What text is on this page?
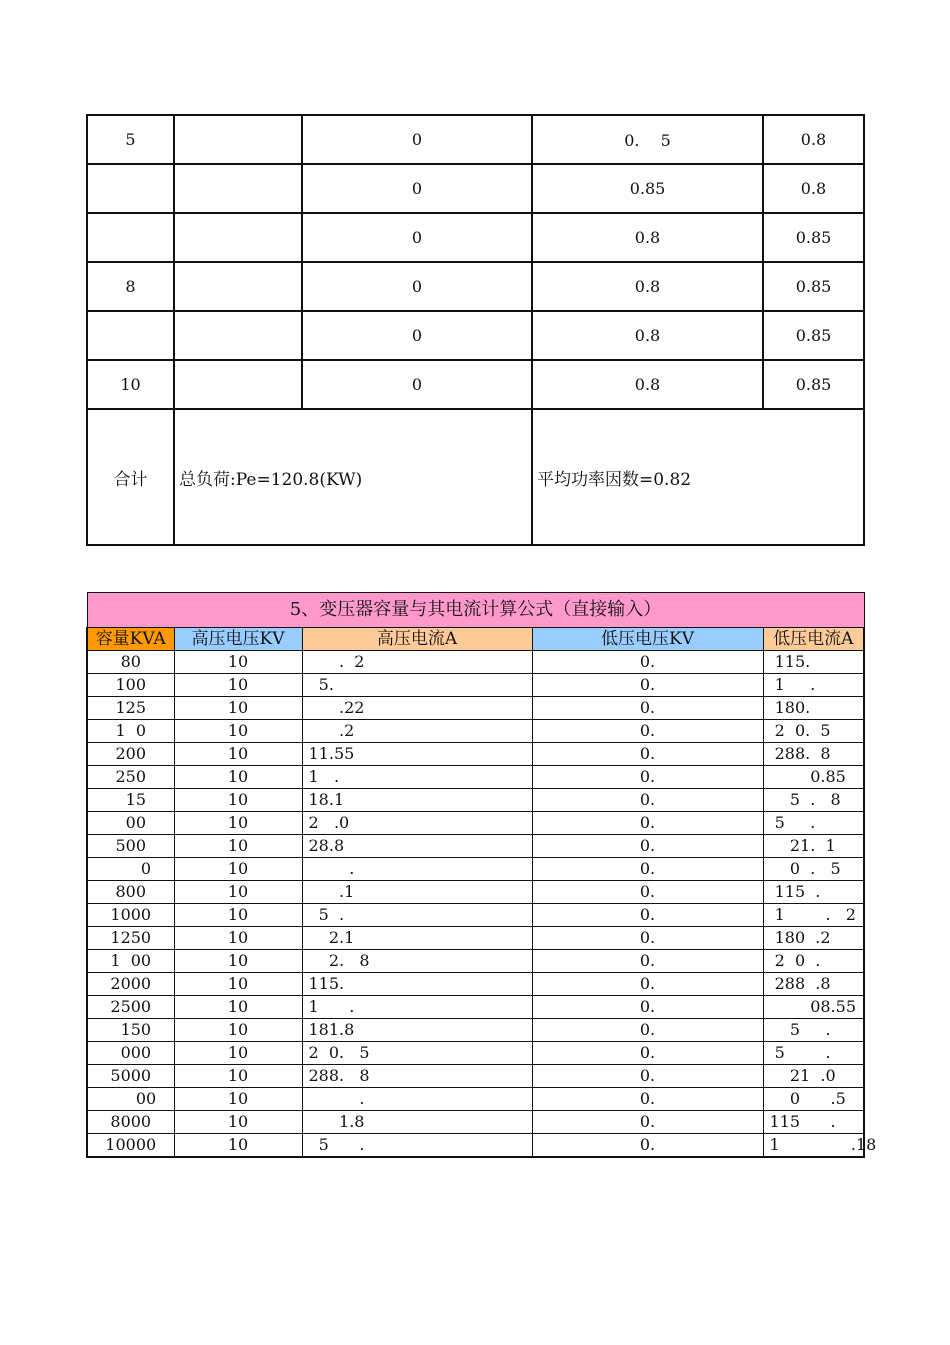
5		0	0.　 5	0.8
		0	0.85	0.8
		0	0.8	0.85
8		0	0.8	0.85
		0	0.8	0.85
10		0	0.8	0.85
合计	总负荷:Pe=120.8(KW)		平均功率因数=0.82	
5、变压器容量与其电流计算公式（直接输入）				
容量KVA	高压电压KV	高压电流A	低压电压KV	低压电流A
80	10	.  2	0.	115.
100	10	5.	0.	1     .
125	10	.22	0.	180.
1  0	10	.2	0.	2  0.  5
200	10	11.55	0.	288.  8
250	10	1   .	0.	0.85
15	10	18.1	0.	5  .   8
00	10	2   .0	0.	5     .
500	10	28.8	0.	21.  1
0	10	.	0.	0  .   5
800	10	.1	0.	115  .
1000	10	5  .	0.	1        .   2
1250	10	2.1	0.	180  .2
1  00	10	2.   8	0.	2  0  .
2000	10	115.	0.	288  .8
2500	10	1      .	0.	08.55
150	10	181.8	0.	5     .
000	10	2  0.   5	0.	5        .
5000	10	288.   8	0.	21  .0
00	10	.	0.	0      .5
8000	10	1.8	0.	115      .
10000	10	5      .	0.	1              .18
